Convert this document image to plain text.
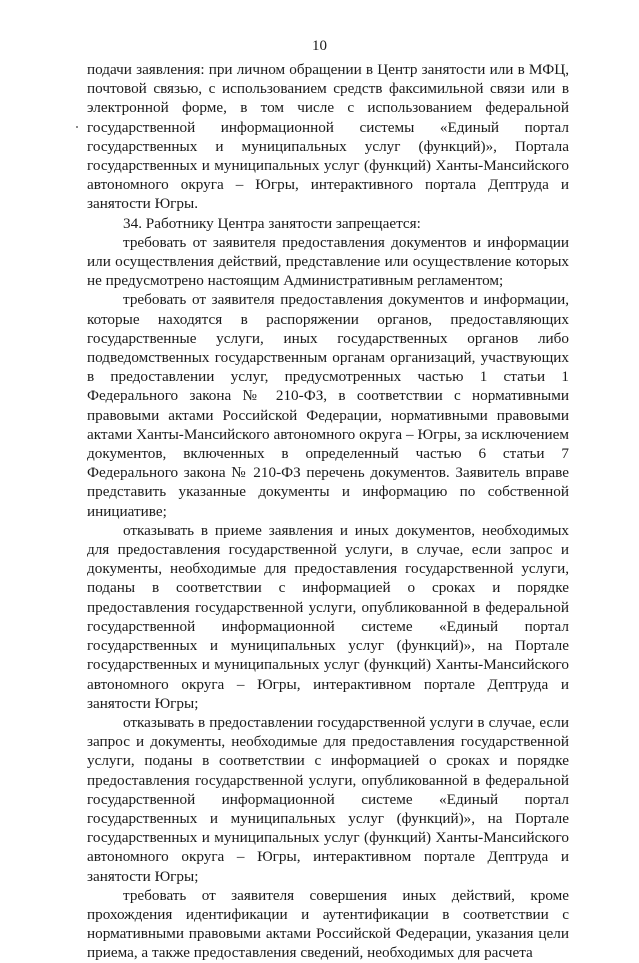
10

подачи заявления: при личном обращении в Центр занятости или в МФЦ, почтовой связью, с использованием средств факсимильной связи или в электронной форме, в том числе с использованием федеральной государственной информационной системы «Единый портал государственных и муниципальных услуг (функций)», Портала государственных и муниципальных услуг (функций) Ханты-Мансийского автономного округа – Югры, интерактивного портала Дептруда и занятости Югры.

34. Работнику Центра занятости запрещается:

требовать от заявителя предоставления документов и информации или осуществления действий, представление или осуществление которых не предусмотрено настоящим Административным регламентом;

требовать от заявителя предоставления документов и информации, которые находятся в распоряжении органов, предоставляющих государственные услуги, иных государственных органов либо подведомственных государственным органам организаций, участвующих в предоставлении услуг, предусмотренных частью 1 статьи 1 Федерального закона № 210-ФЗ, в соответствии с нормативными правовыми актами Российской Федерации, нормативными правовыми актами Ханты-Мансийского автономного округа – Югры, за исключением документов, включенных в определенный частью 6 статьи 7 Федерального закона № 210-ФЗ перечень документов. Заявитель вправе представить указанные документы и информацию по собственной инициативе;

отказывать в приеме заявления и иных документов, необходимых для предоставления государственной услуги, в случае, если запрос и документы, необходимые для предоставления государственной услуги, поданы в соответствии с информацией о сроках и порядке предоставления государственной услуги, опубликованной в федеральной государственной информационной системе «Единый портал государственных и муниципальных услуг (функций)», на Портале государственных и муниципальных услуг (функций) Ханты-Мансийского автономного округа – Югры, интерактивном портале Дептруда и занятости Югры;

отказывать в предоставлении государственной услуги в случае, если запрос и документы, необходимые для предоставления государственной услуги, поданы в соответствии с информацией о сроках и порядке предоставления государственной услуги, опубликованной в федеральной государственной информационной системе «Единый портал государственных и муниципальных услуг (функций)», на Портале государственных и муниципальных услуг (функций) Ханты-Мансийского автономного округа – Югры, интерактивном портале Дептруда и занятости Югры;

требовать от заявителя совершения иных действий, кроме прохождения идентификации и аутентификации в соответствии с нормативными правовыми актами Российской Федерации, указания цели приема, а также предоставления сведений, необходимых для расчета
